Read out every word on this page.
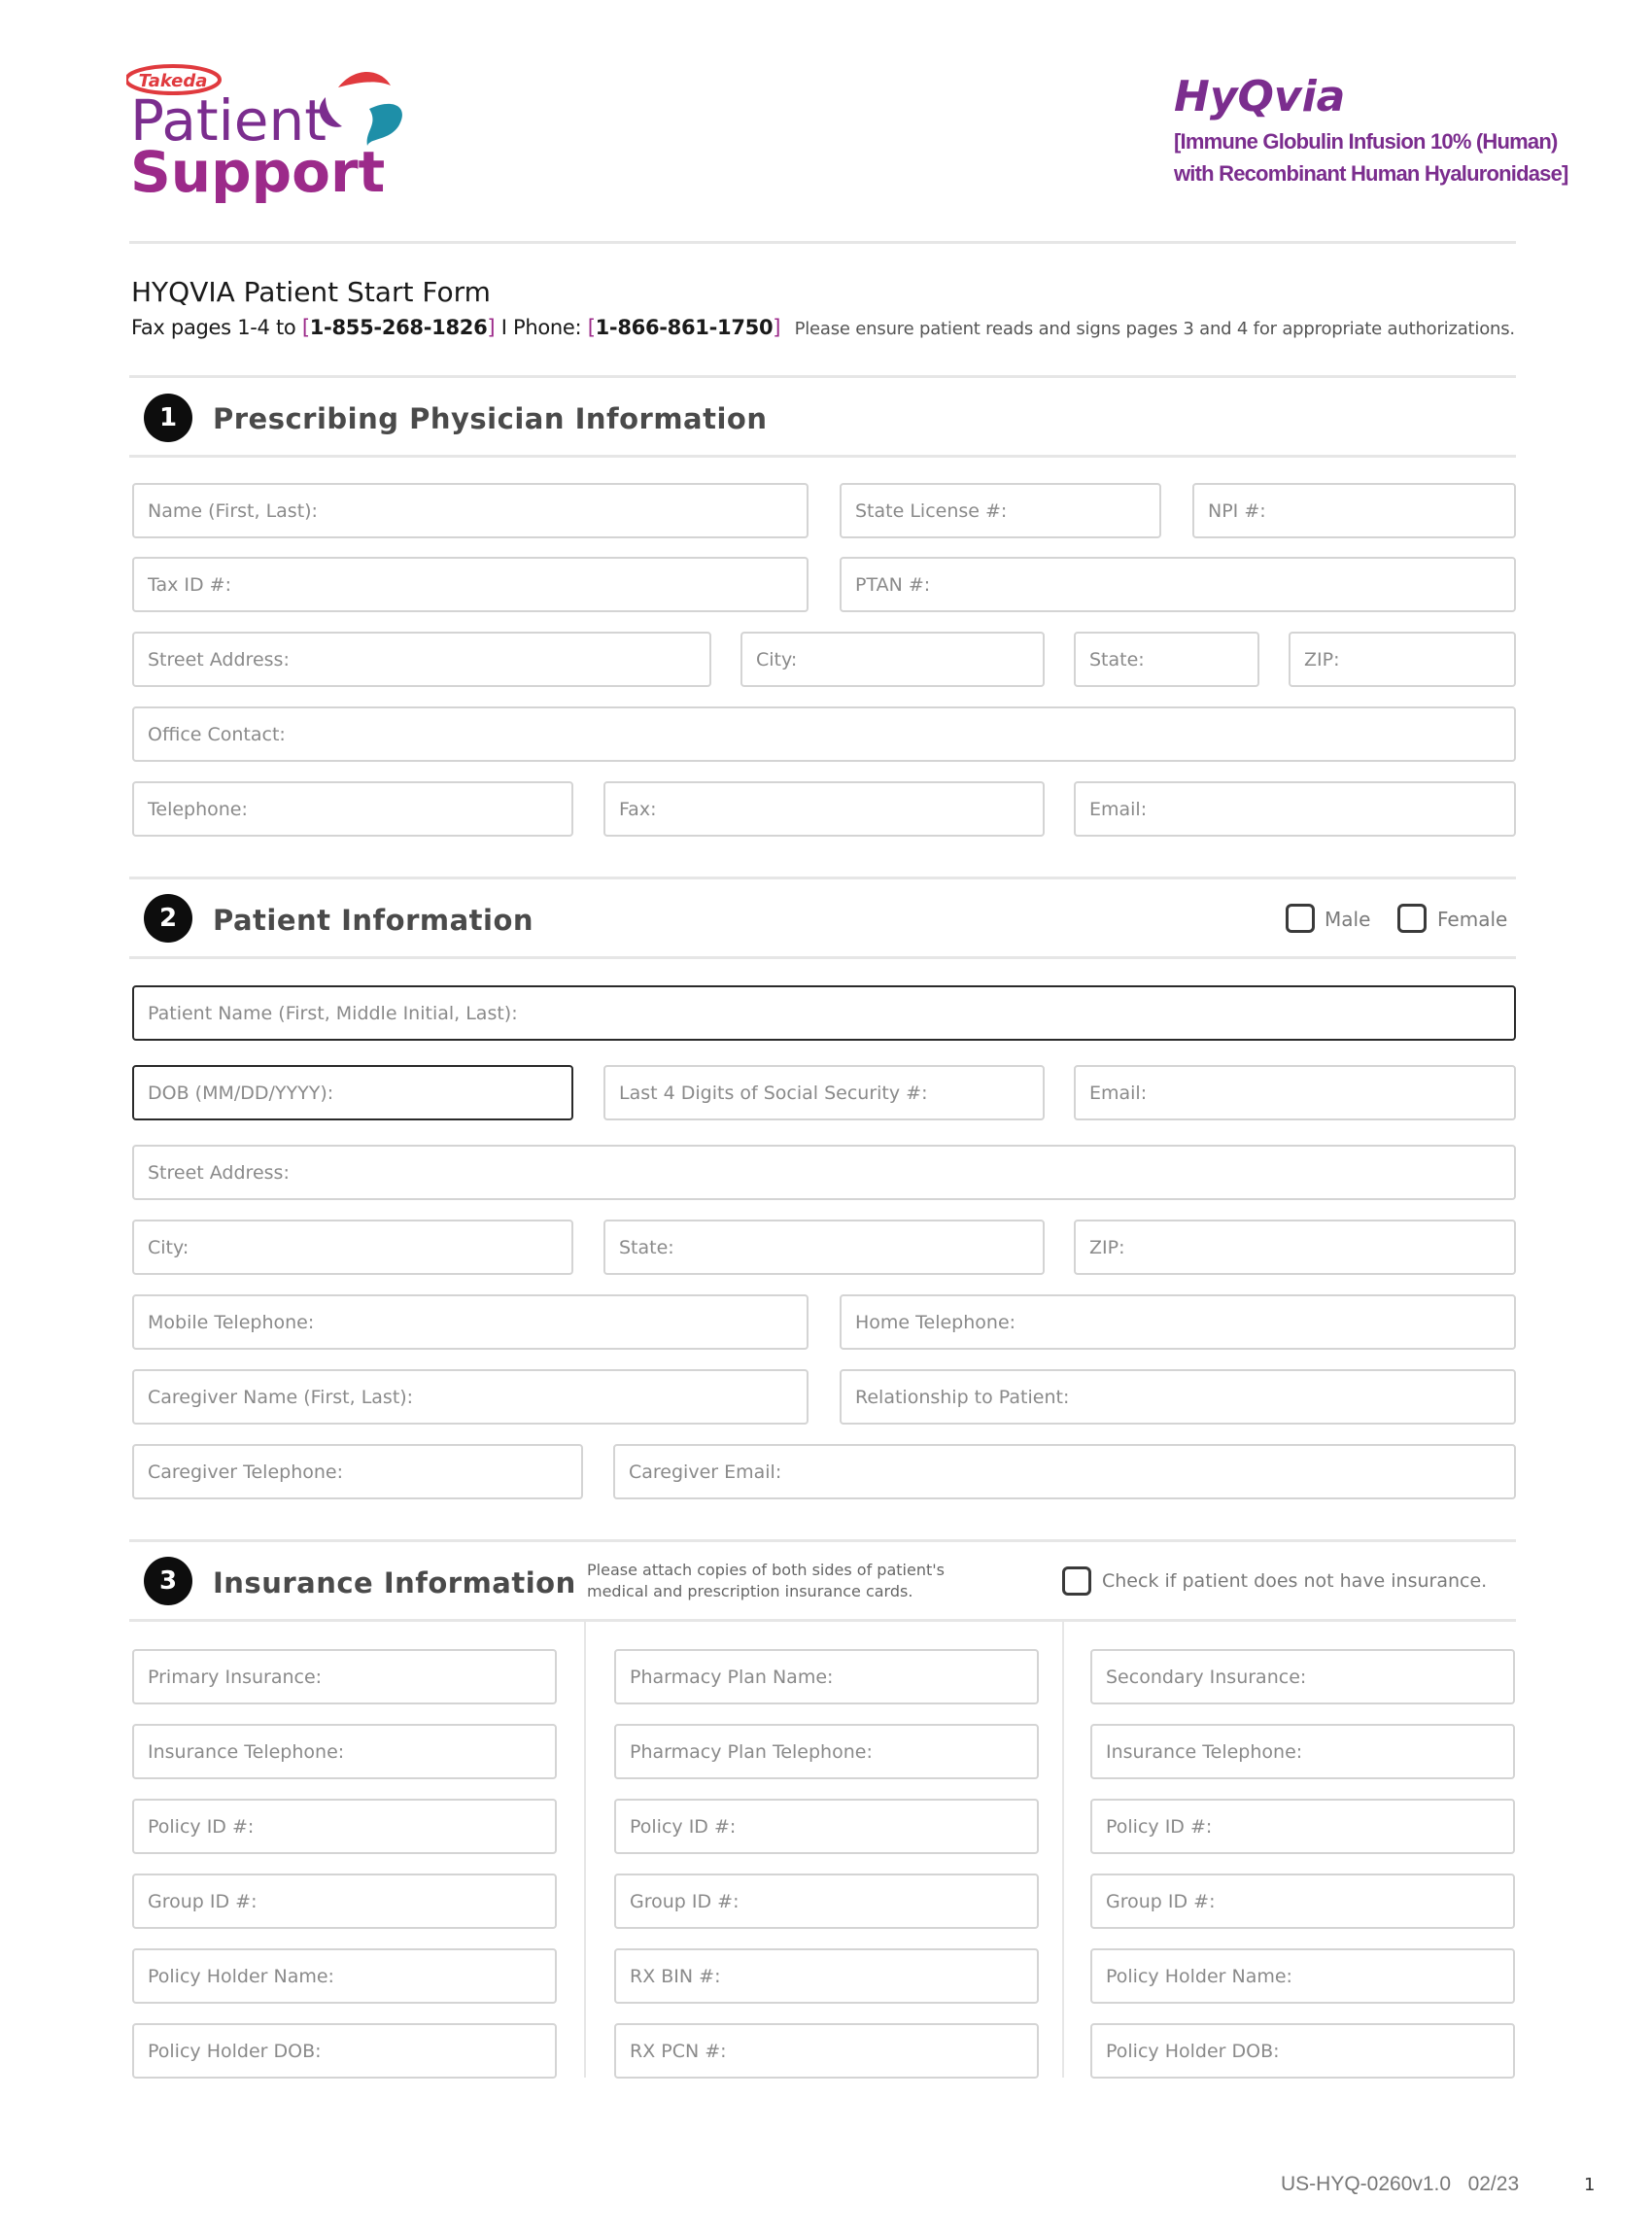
Takeda
Patient
Support
HyQvia
[Immune Globulin Infusion 10% (Human)
with Recombinant Human Hyaluronidase]
HYQVIA Patient Start Form
Fax pages 1-4 to [1-855-268-1826] I Phone: [1-866-861-1750] Please ensure patient reads and signs pages 3 and 4 for appropriate authorizations.
1	Prescribing Physician Information
Name (First, Last):	State License #:	NPI #:
Tax ID #:	PTAN #:
Street Address:	City:	State:	ZIP:
Office Contact:
Telephone:	Fax:	Email:
2	Patient Information	Male	Female
Patient Name (First, Middle Initial, Last):
DOB (MM/DD/YYYY):	Last 4 Digits of Social Security #:	Email:
Street Address:
City:	State:	ZIP:
Mobile Telephone:	Home Telephone:
Caregiver Name (First, Last):	Relationship to Patient:
Caregiver Telephone:	Caregiver Email:
3	Insurance Information Please attach copies of both sides of patient's
medical and prescription insurance cards.	Check if patient does not have insurance.
Primary Insurance:
Insurance Telephone:
Policy ID #:
Group ID #:
Policy Holder Name:
Policy Holder DOB:
Pharmacy Plan Name:
Pharmacy Plan Telephone:
Policy ID #:
Group ID #:
RX BIN #:
RX PCN #:
Secondary Insurance:
Insurance Telephone:
Policy ID #:
Group ID #:
Policy Holder Name:
Policy Holder DOB:
US-HYQ-0260v1.0   02/23	1
